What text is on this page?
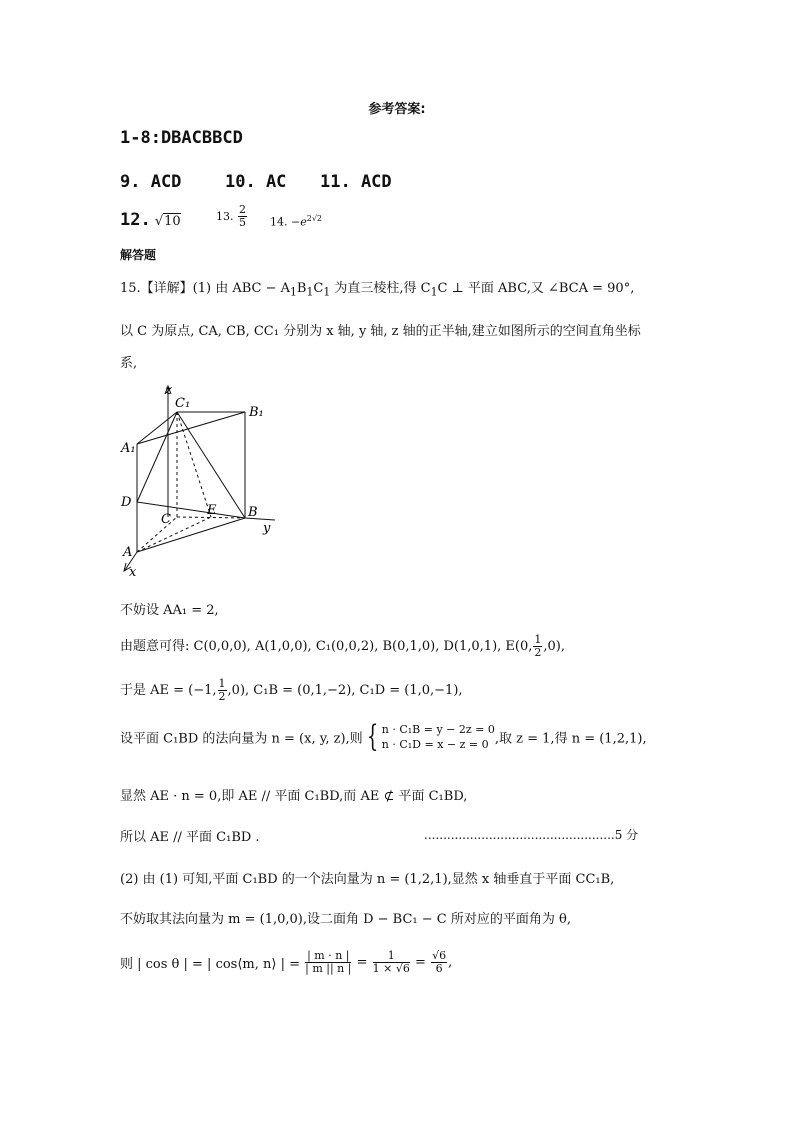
参考答案:
1-8:DBACBBCD
9. ACD	10. AC 11. ACD
12. √10	13. $\frac{2}{5} 14$. $-e^{2√2}$
解答题
15.【详解】(1) 由 ABC − $A_1B_1C_1$ 为直三棱柱,得 $C_1C$ ⊥ 平面 ABC,又 ∠BCA = 90°,
以 C 为原点, CA, CB, CC₁ 分别为 x 轴, y 轴, z 轴的正半轴,建立如图所示的空间直角坐标
系,
z
C₁
B₁
A₁
D
C
E B
y
A
x
不妨设 AA₁ = 2,
由题意可得: C(0,0,0), A(1,0,0), C₁(0,0,2), B(0,1,0), D(1,0,1), E(0, $\frac{1}{2} ,0$),
于是 AE = (−1, $\frac{1}{2} ,0$), C₁B = (0,1,−2), C₁D = (1,0,−1),
设平面 C₁BD 的法向量为 n = (x, y, z),则 { n · C₁B = y − 2z = 0
n · C₁D = x − z = 0 ,取 z = 1,得 n = (1,2,1),
显然 AE · n = 0,即 AE // 平面 C₁BD,而 AE ⊄ 平面 C₁BD,
所以 AE // 平面 C₁BD .	..................................................5 分
(2) 由 (1) 可知,平面 C₁BD 的一个法向量为 n = (1,2,1),显然 x 轴垂直于平面 CC₁B,
不妨取其法向量为 m = (1,0,0),设二面角 D − BC₁ − C 所对应的平面角为 θ,
则 | cos θ | = | cos⟨m, n⟩ | = $\frac{| m \cdot n |}{| m || n |} = \frac{1}{1 \times √6} = \frac{√6}{6}$ ,
